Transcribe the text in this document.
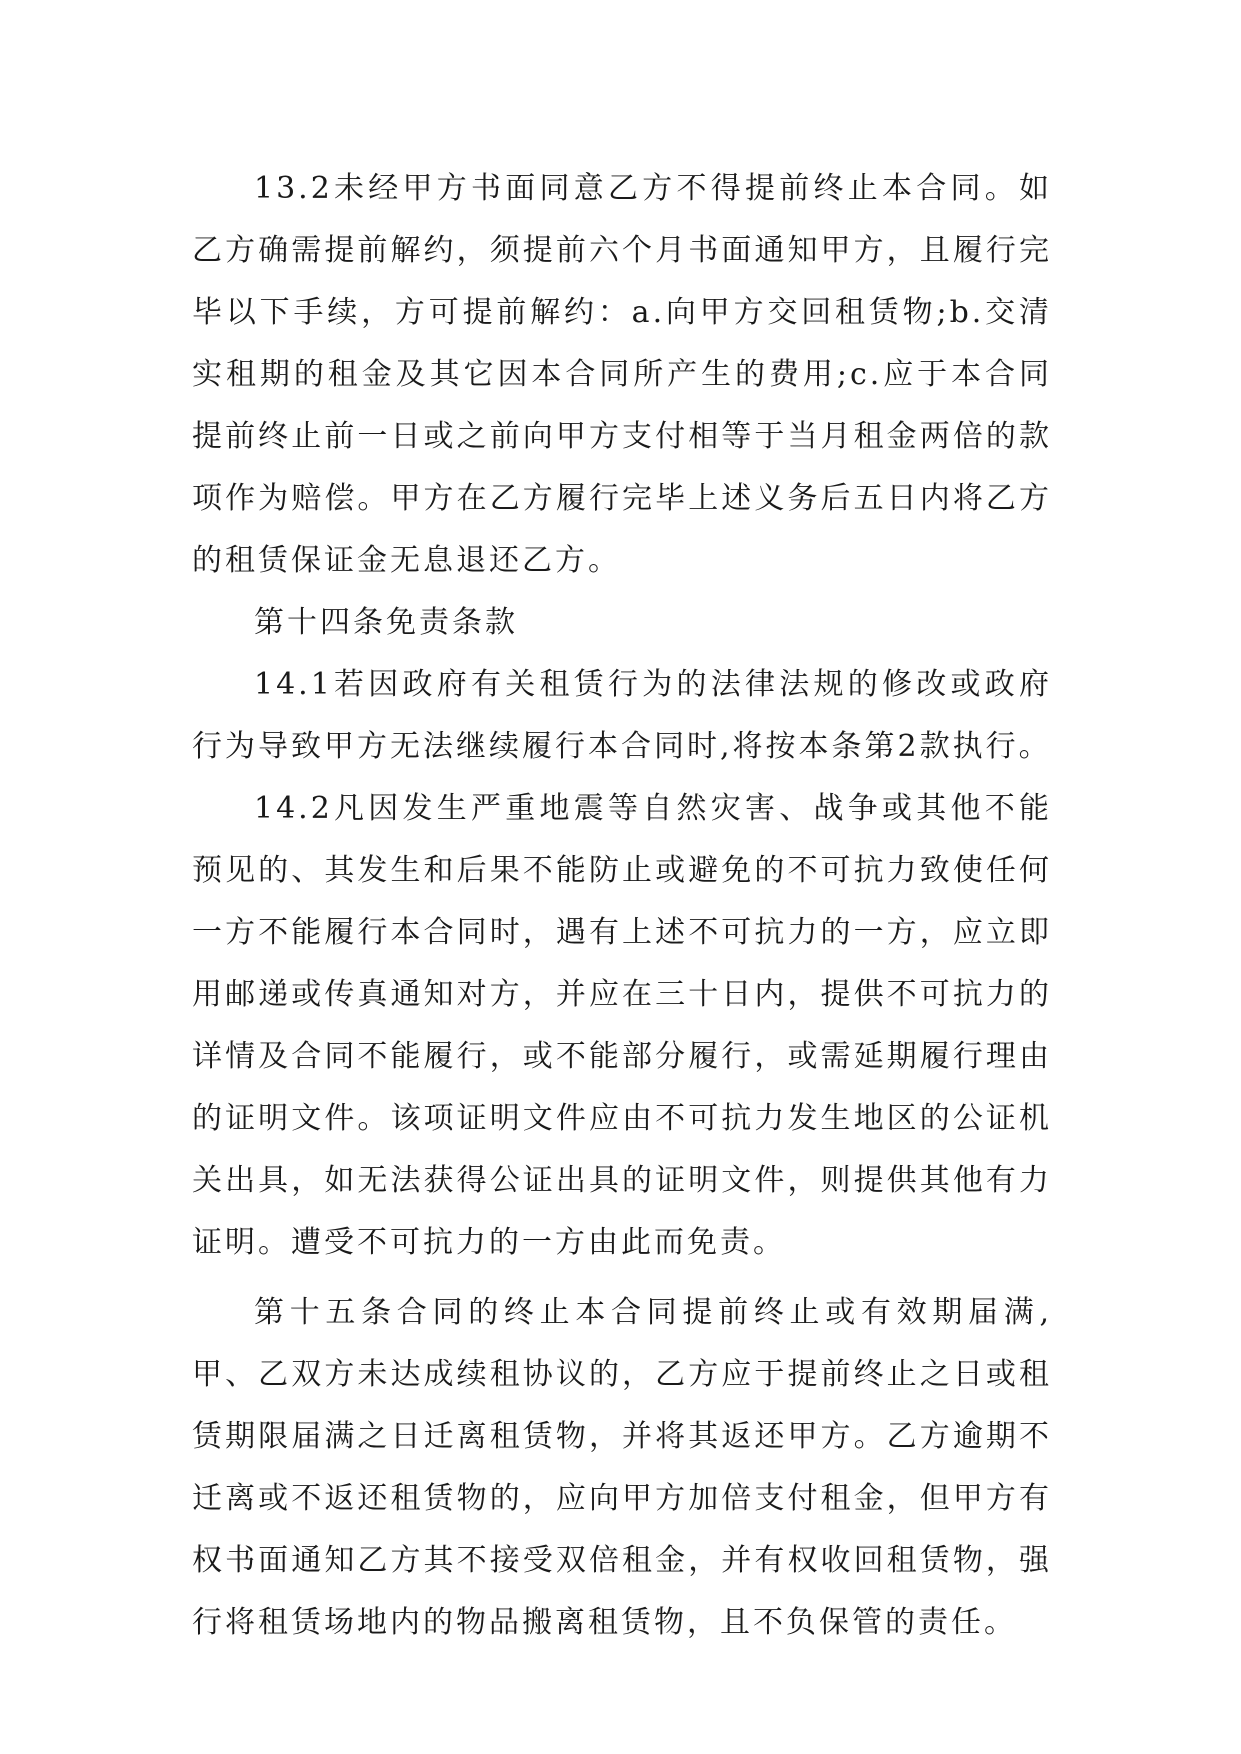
13.2未经甲方书面同意乙方不得提前终止本合同。如乙方确需提前解约，须提前六个月书面通知甲方，且履行完毕以下手续，方可提前解约：a.向甲方交回租赁物;b.交清实租期的租金及其它因本合同所产生的费用;c.应于本合同提前终止前一日或之前向甲方支付相等于当月租金两倍的款项作为赔偿。甲方在乙方履行完毕上述义务后五日内将乙方的租赁保证金无息退还乙方。

第十四条免责条款

14.1若因政府有关租赁行为的法律法规的修改或政府行为导致甲方无法继续履行本合同时,将按本条第2款执行。

14.2凡因发生严重地震等自然灾害、战争或其他不能预见的、其发生和后果不能防止或避免的不可抗力致使任何一方不能履行本合同时，遇有上述不可抗力的一方，应立即用邮递或传真通知对方，并应在三十日内，提供不可抗力的详情及合同不能履行，或不能部分履行，或需延期履行理由的证明文件。该项证明文件应由不可抗力发生地区的公证机关出具，如无法获得公证出具的证明文件，则提供其他有力证明。遭受不可抗力的一方由此而免责。

第十五条合同的终止本合同提前终止或有效期届满,甲、乙双方未达成续租协议的，乙方应于提前终止之日或租赁期限届满之日迁离租赁物，并将其返还甲方。乙方逾期不迁离或不返还租赁物的，应向甲方加倍支付租金，但甲方有权书面通知乙方其不接受双倍租金，并有权收回租赁物，强行将租赁场地内的物品搬离租赁物，且不负保管的责任。
